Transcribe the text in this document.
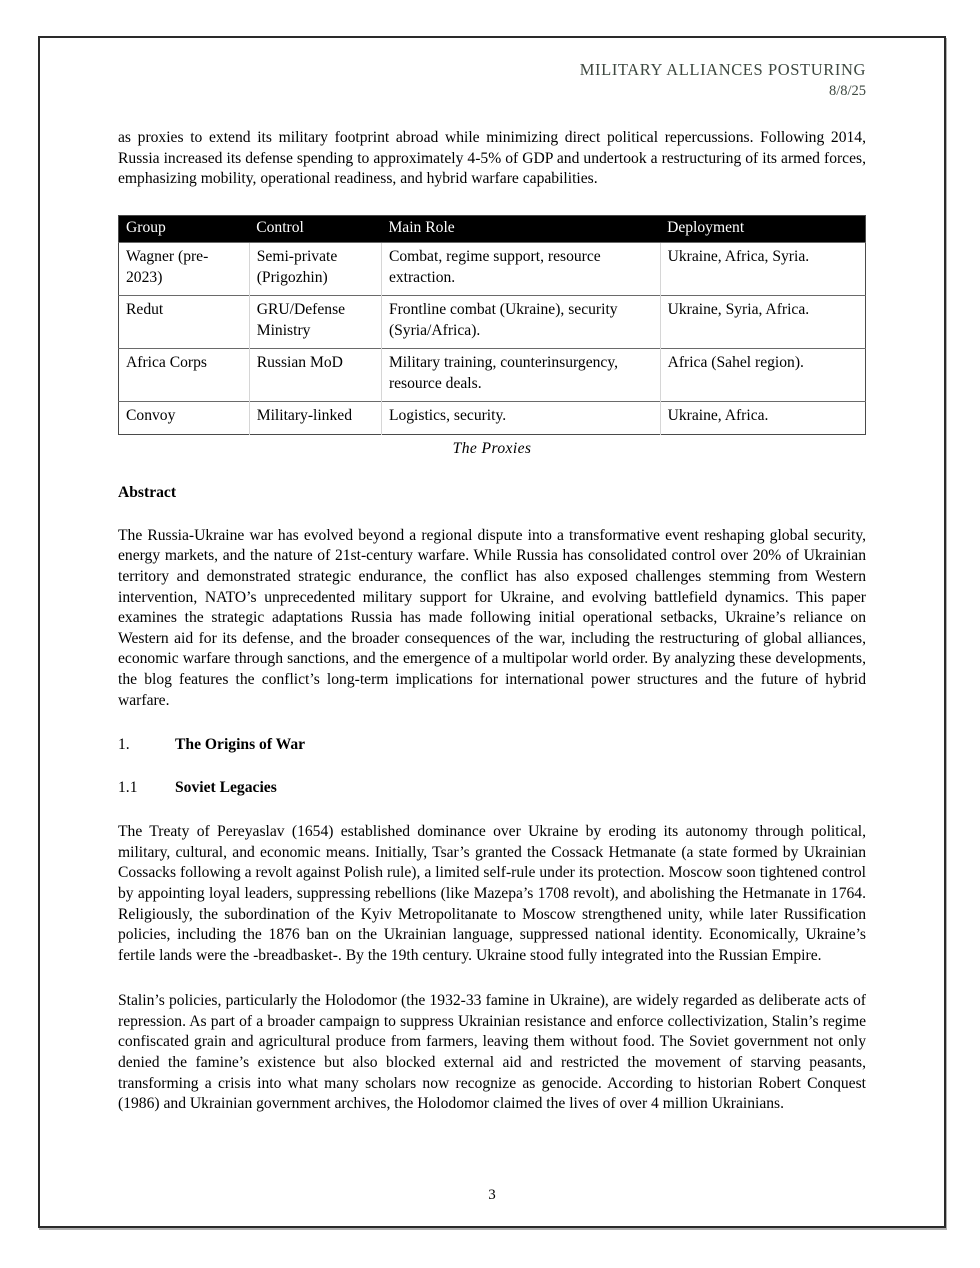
MILITARY ALLIANCES POSTURING
8/8/25

as proxies to extend its military footprint abroad while minimizing direct political repercussions. Following 2014, Russia increased its defense spending to approximately 4-5% of GDP and undertook a restructuring of its armed forces, emphasizing mobility, operational readiness, and hybrid warfare capabilities.

Group	Control	Main Role	Deployment
Wagner (pre-2023)	Semi-private (Prigozhin)	Combat, regime support, resource extraction.	Ukraine, Africa, Syria.
Redut	GRU/Defense Ministry	Frontline combat (Ukraine), security (Syria/Africa).	Ukraine, Syria, Africa.
Africa Corps	Russian MoD	Military training, counterinsurgency, resource deals.	Africa (Sahel region).
Convoy	Military-linked	Logistics, security.	Ukraine, Africa.
The Proxies
Abstract

The Russia-Ukraine war has evolved beyond a regional dispute into a transformative event reshaping global security, energy markets, and the nature of 21st-century warfare. While Russia has consolidated control over 20% of Ukrainian territory and demonstrated strategic endurance, the conflict has also exposed challenges stemming from Western intervention, NATO’s unprecedented military support for Ukraine, and evolving battlefield dynamics. This paper examines the strategic adaptations Russia has made following initial operational setbacks, Ukraine’s reliance on Western aid for its defense, and the broader consequences of the war, including the restructuring of global alliances, economic warfare through sanctions, and the emergence of a multipolar world order. By analyzing these developments, the blog features the conflict’s long-term implications for international power structures and the future of hybrid warfare.

1.	The Origins of War
1.1	Soviet Legacies

The Treaty of Pereyaslav (1654) established dominance over Ukraine by eroding its autonomy through political, military, cultural, and economic means. Initially, Tsar’s granted the Cossack Hetmanate (a state formed by Ukrainian Cossacks following a revolt against Polish rule), a limited self-rule under its protection. Moscow soon tightened control by appointing loyal leaders, suppressing rebellions (like Mazepa’s 1708 revolt), and abolishing the Hetmanate in 1764. Religiously, the subordination of the Kyiv Metropolitanate to Moscow strengthened unity, while later Russification policies, including the 1876 ban on the Ukrainian language, suppressed national identity. Economically, Ukraine’s fertile lands were the -breadbasket-. By the 19th century. Ukraine stood fully integrated into the Russian Empire.

Stalin’s policies, particularly the Holodomor (the 1932-33 famine in Ukraine), are widely regarded as deliberate acts of repression. As part of a broader campaign to suppress Ukrainian resistance and enforce collectivization, Stalin’s regime confiscated grain and agricultural produce from farmers, leaving them without food. The Soviet government not only denied the famine’s existence but also blocked external aid and restricted the movement of starving peasants, transforming a crisis into what many scholars now recognize as genocide. According to historian Robert Conquest (1986) and Ukrainian government archives, the Holodomor claimed the lives of over 4 million Ukrainians.

3
